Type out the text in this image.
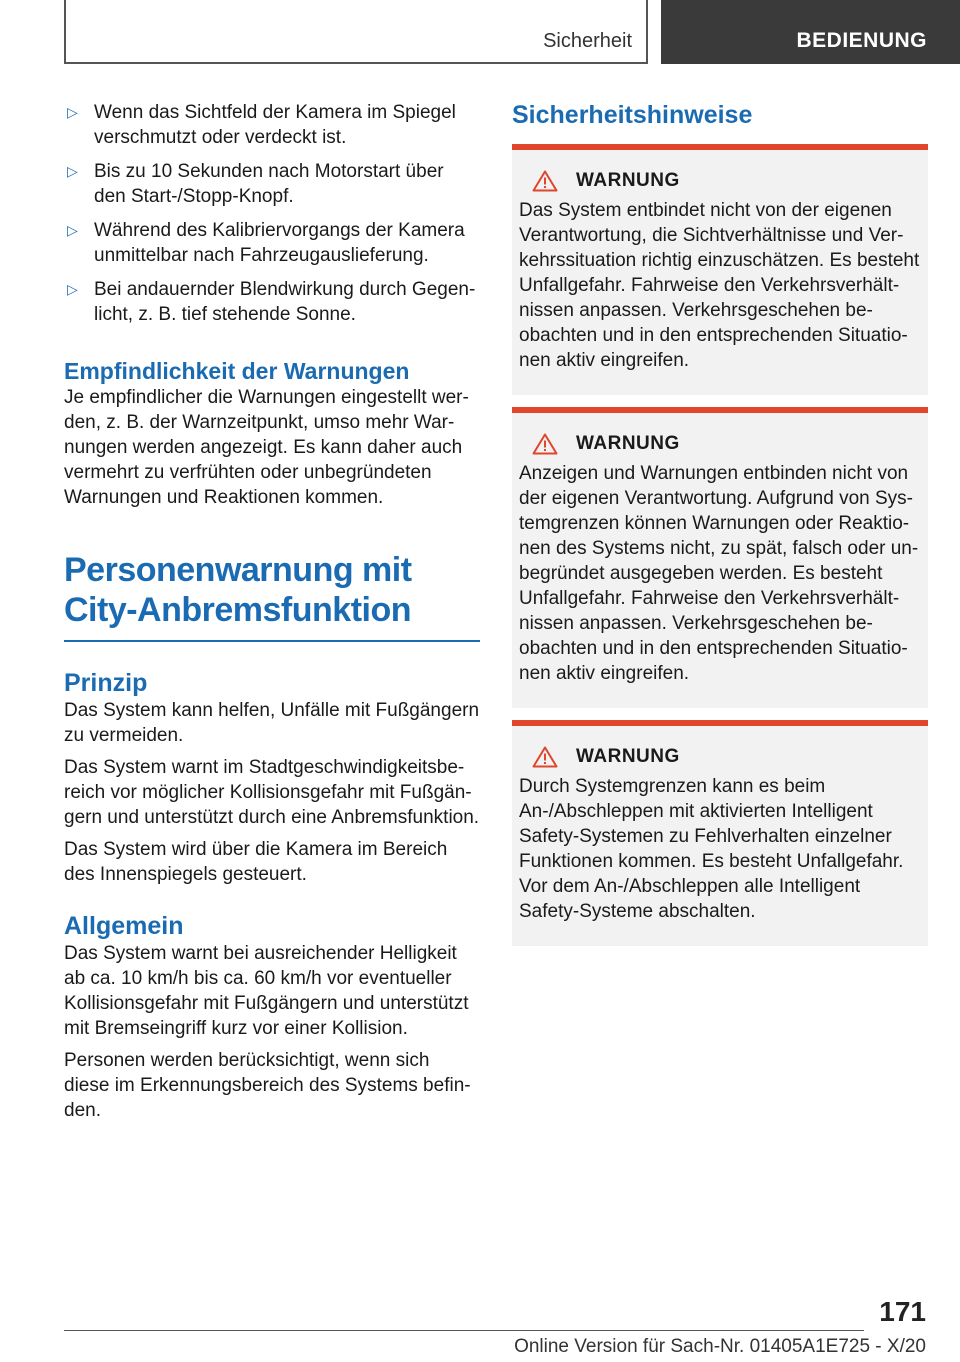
Sicherheit	BEDIENUNG
▷ Wenn das Sichtfeld der Kamera im Spiegel verschmutzt oder verdeckt ist.
▷ Bis zu 10 Sekunden nach Motorstart über den Start-/Stopp-Knopf.
▷ Während des Kalibriervorgangs der Kamera unmittelbar nach Fahrzeugauslieferung.
▷ Bei andauernder Blendwirkung durch Gegenlicht, z. B. tief stehende Sonne.
Empfindlichkeit der Warnungen

Je empfindlicher die Warnungen eingestellt werden, z. B. der Warnzeitpunkt, umso mehr Warnungen werden angezeigt. Es kann daher auch vermehrt zu verfrühten oder unbegründeten Warnungen und Reaktionen kommen.

Personenwarnung mit City-Anbremsfunktion
Prinzip

Das System kann helfen, Unfälle mit Fußgängern zu vermeiden.

Das System warnt im Stadtgeschwindigkeitsbereich vor möglicher Kollisionsgefahr mit Fußgängern und unterstützt durch eine Anbremsfunktion.

Das System wird über die Kamera im Bereich des Innenspiegels gesteuert.

Allgemein

Das System warnt bei ausreichender Helligkeit ab ca. 10 km/h bis ca. 60 km/h vor eventueller Kollisionsgefahr mit Fußgängern und unterstützt mit Bremseingriff kurz vor einer Kollision.

Personen werden berücksichtigt, wenn sich diese im Erkennungsbereich des Systems befinden.

Sicherheitshinweise
WARNUNG

Das System entbindet nicht von der eigenen Verantwortung, die Sichtverhältnisse und Verkehrssituation richtig einzuschätzen. Es besteht Unfallgefahr. Fahrweise den Verkehrsverhältnissen anpassen. Verkehrsgeschehen beobachten und in den entsprechenden Situationen aktiv eingreifen.

WARNUNG

Anzeigen und Warnungen entbinden nicht von der eigenen Verantwortung. Aufgrund von Systemgrenzen können Warnungen oder Reaktionen des Systems nicht, zu spät, falsch oder unbegründet ausgegeben werden. Es besteht Unfallgefahr. Fahrweise den Verkehrsverhältnissen anpassen. Verkehrsgeschehen beobachten und in den entsprechenden Situationen aktiv eingreifen.

WARNUNG

Durch Systemgrenzen kann es beim An-/Abschleppen mit aktivierten Intelligent Safety-Systemen zu Fehlverhalten einzelner Funktionen kommen. Es besteht Unfallgefahr. Vor dem An-/Abschleppen alle Intelligent Safety-Systeme abschalten.

171
Online Version für Sach-Nr. 01405A1E725 - X/20
